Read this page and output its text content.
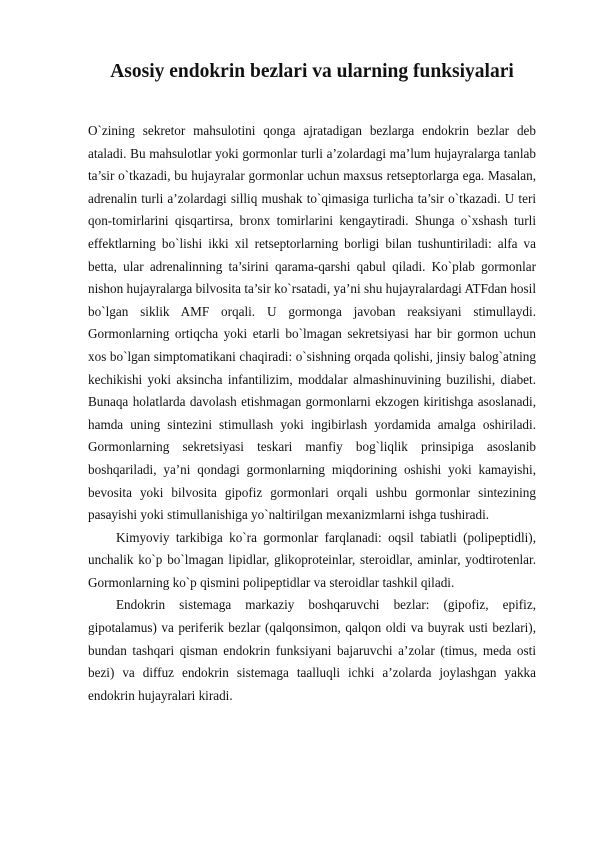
Asosiy endokrin bezlari va ularning funksiyalari

O`zining sekretor mahsulotini qonga ajratadigan bezlarga endokrin bezlar deb ataladi. Bu mahsulotlar yoki gormonlar turli a’zolardagi ma’lum hujayralarga tanlab ta’sir o`tkazadi, bu hujayralar gormonlar uchun maxsus retseptorlarga ega. Masalan, adrenalin turli a’zolardagi silliq mushak to`qimasiga turlicha ta’sir o`tkazadi. U teri qon-tomirlarini qisqartirsa, bronx tomirlarini kengaytiradi. Shunga o`xshash turli effektlarning bo`lishi ikki xil retseptorlarning borligi bilan tushuntiriladi: alfa va betta, ular adrenalinning ta’sirini qarama-qarshi qabul qiladi. Ko`plab gormonlar nishon hujayralarga bilvosita ta’sir ko`rsatadi, ya’ni shu hujayralardagi ATFdan hosil bo`lgan siklik AMF orqali. U gormonga javoban reaksiyani stimullaydi. Gormonlarning ortiqcha yoki etarli bo`lmagan sekretsiyasi har bir gormon uchun xos bo`lgan simptomatikani chaqiradi: o`sishning orqada qolishi, jinsiy balog`atning kechikishi yoki aksincha infantilizim, moddalar almashinuvining buzilishi, diabet. Bunaqa holatlarda davolash etishmagan gormonlarni ekzogen kiritishga asoslanadi, hamda uning sintezini stimullash yoki ingibirlash yordamida amalga oshiriladi. Gormonlarning sekretsiyasi teskari manfiy bog`liqlik prinsipiga asoslanib boshqariladi, ya’ni qondagi gormonlarning miqdorining oshishi yoki kamayishi, bevosita yoki bilvosita gipofiz gormonlari orqali ushbu gormonlar sintezining pasayishi yoki stimullanishiga yo`naltirilgan mexanizmlarni ishga tushiradi.

Kimyoviy tarkibiga ko`ra gormonlar farqlanadi: oqsil tabiatli (polipeptidli), unchalik ko`p bo`lmagan lipidlar, glikoproteinlar, steroidlar, aminlar, yodtirotenlar. Gormonlarning ko`p qismini polipeptidlar va steroidlar tashkil qiladi.

Endokrin sistemaga markaziy boshqaruvchi bezlar: (gipofiz, epifiz, gipotalamus) va periferik bezlar (qalqonsimon, qalqon oldi va buyrak usti bezlari), bundan tashqari qisman endokrin funksiyani bajaruvchi a’zolar (timus, meda osti bezi) va diffuz endokrin sistemaga taalluqli ichki a’zolarda joylashgan yakka endokrin hujayralari kiradi.
